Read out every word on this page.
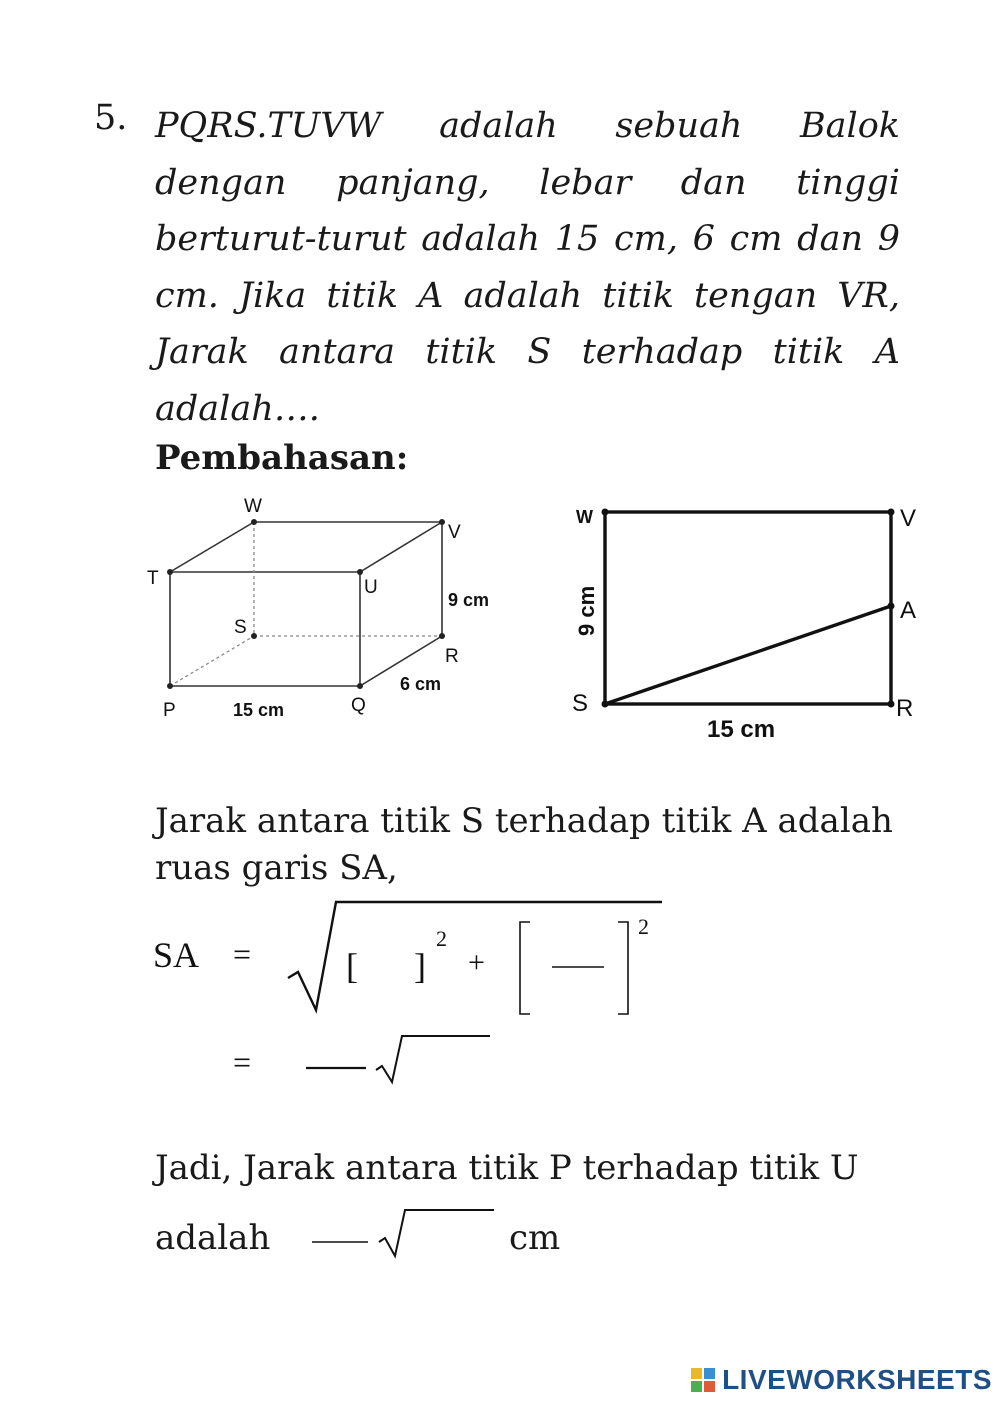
5. PQRS.TUVW adalah sebuah Balok dengan panjang, lebar dan tinggi berturut-turut adalah 15 cm, 6 cm dan 9 cm. Jika titik A adalah titik tengan VR, Jarak antara titik S terhadap titik A adalah….
Pembahasan:
W
V
T	U
S
R
P	Q
9 cm
6 cm
15 cm
W	V
A
S	R
9 cm
15 cm
Jarak antara titik S terhadap titik A adalah ruas garis SA,
SA =	[ ]
2
+
2
=
Jadi, Jarak antara titik P terhadap titik U
adalah	cm
LIVEWORKSHEETS
